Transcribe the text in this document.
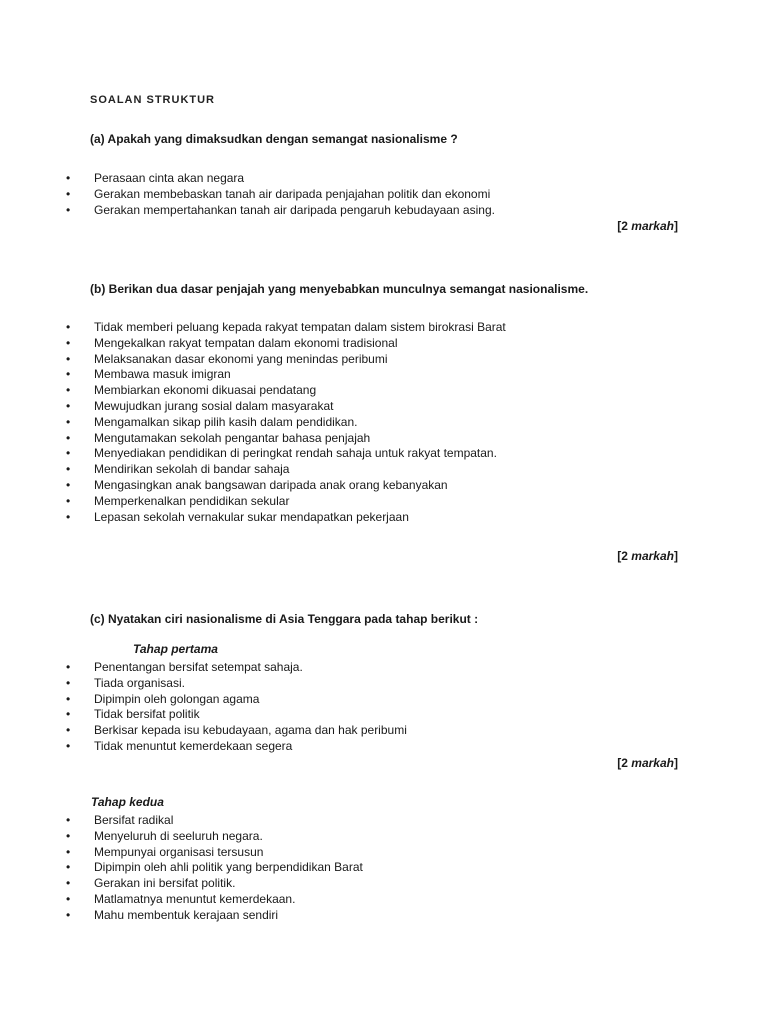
SOALAN STRUKTUR
(a) Apakah yang dimaksudkan dengan semangat nasionalisme ?
• Perasaan cinta akan negara
• Gerakan membebaskan tanah air daripada penjajahan politik dan ekonomi
• Gerakan mempertahankan tanah air daripada pengaruh kebudayaan asing.
[2 markah]
(b) Berikan dua dasar penjajah yang menyebabkan munculnya semangat nasionalisme.
• Tidak memberi peluang kepada rakyat tempatan dalam sistem birokrasi Barat
• Mengekalkan rakyat tempatan dalam ekonomi tradisional
• Melaksanakan dasar ekonomi yang menindas peribumi
• Membawa masuk imigran
• Membiarkan ekonomi dikuasai pendatang
• Mewujudkan jurang sosial dalam masyarakat
• Mengamalkan sikap pilih kasih dalam pendidikan.
• Mengutamakan sekolah pengantar bahasa penjajah
• Menyediakan pendidikan di peringkat rendah sahaja untuk rakyat tempatan.
• Mendirikan sekolah di bandar sahaja
• Mengasingkan anak bangsawan daripada anak orang kebanyakan
• Memperkenalkan pendidikan sekular
• Lepasan sekolah vernakular sukar mendapatkan pekerjaan
[2 markah]
(c) Nyatakan ciri nasionalisme di Asia Tenggara pada tahap berikut :
Tahap pertama
• Penentangan bersifat setempat sahaja.
• Tiada organisasi.
• Dipimpin oleh golongan agama
• Tidak bersifat politik
• Berkisar kepada isu kebudayaan, agama dan hak peribumi
• Tidak menuntut kemerdekaan segera
[2 markah]
Tahap kedua
• Bersifat radikal
• Menyeluruh di seeluruh negara.
• Mempunyai organisasi tersusun
• Dipimpin oleh ahli politik yang berpendidikan Barat
• Gerakan ini bersifat politik.
• Matlamatnya menuntut kemerdekaan.
• Mahu membentuk kerajaan sendiri
